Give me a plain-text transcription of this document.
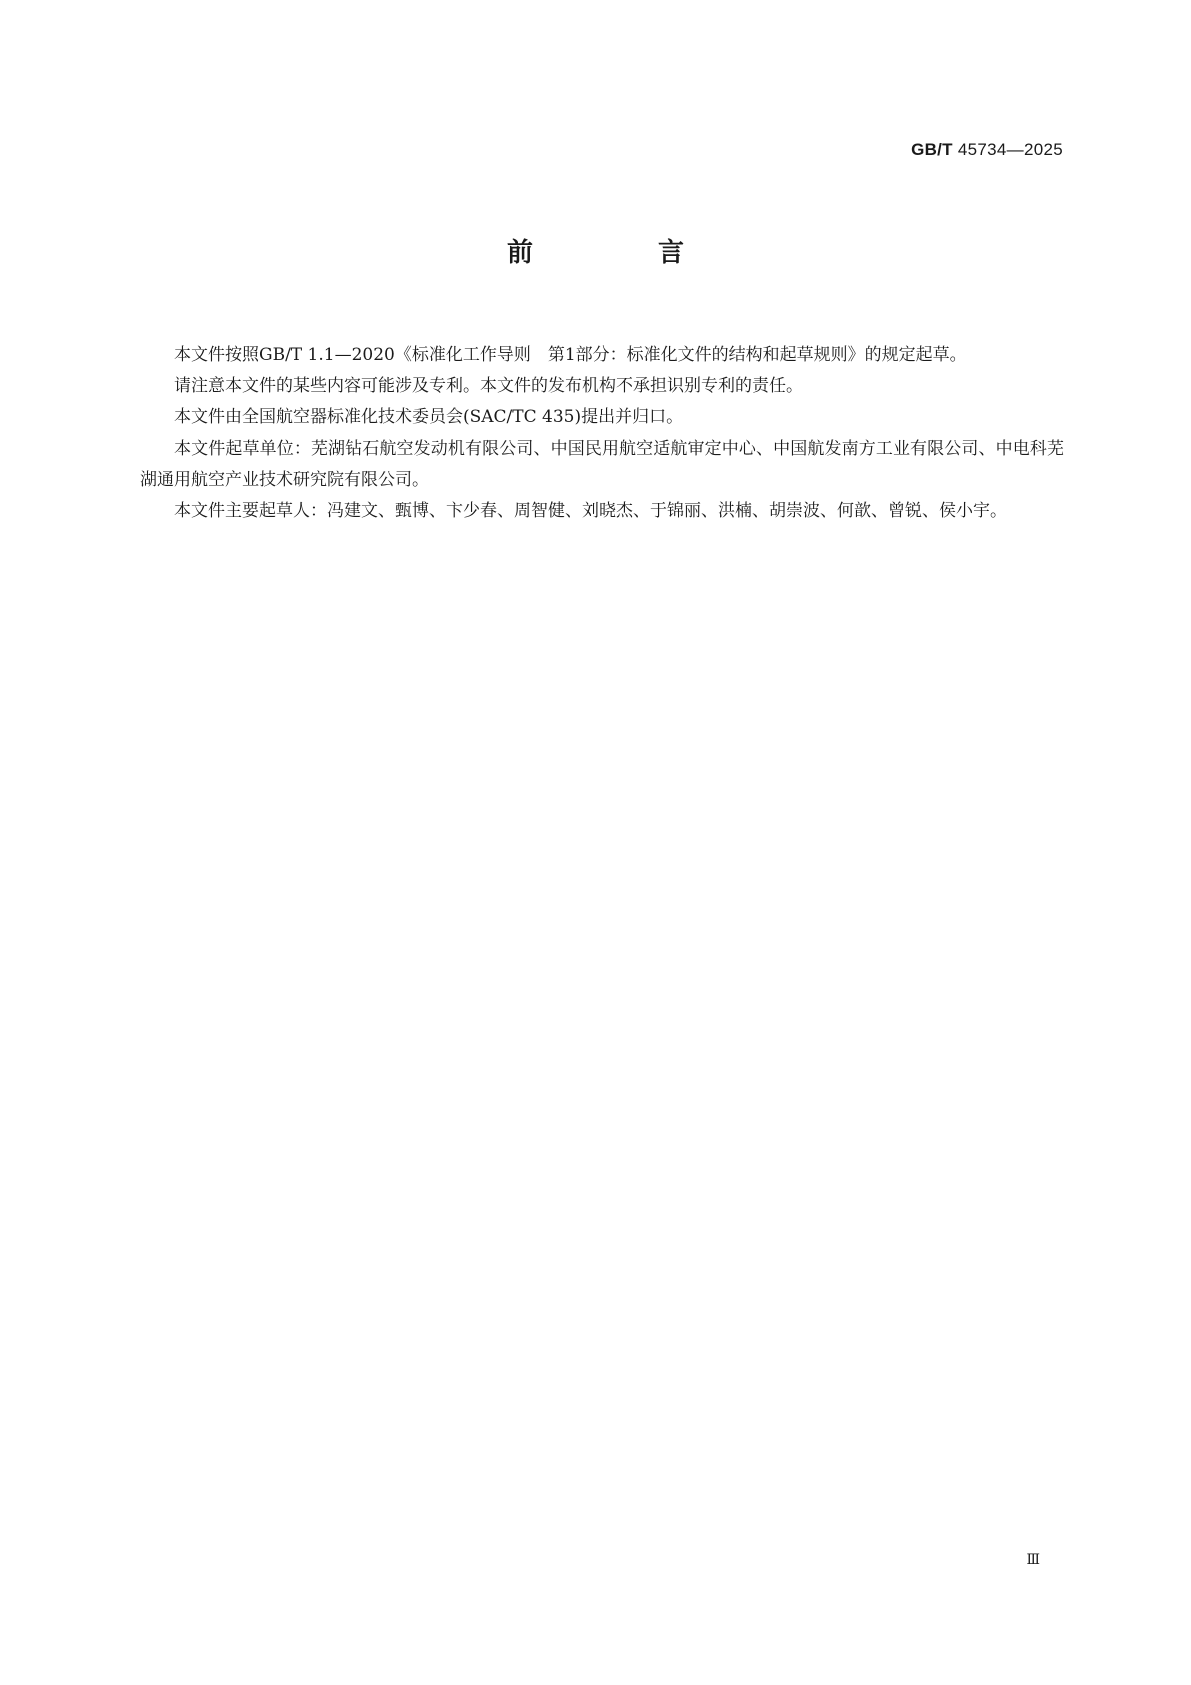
GB/T 45734—2025
前 言

本文件按照GB/T 1.1—2020《标准化工作导则　第1部分：标准化文件的结构和起草规则》的规定起草。

请注意本文件的某些内容可能涉及专利。本文件的发布机构不承担识别专利的责任。

本文件由全国航空器标准化技术委员会(SAC/TC 435)提出并归口。

本文件起草单位：芜湖钻石航空发动机有限公司、中国民用航空适航审定中心、中国航发南方工业有限公司、中电科芜湖通用航空产业技术研究院有限公司。

本文件主要起草人：冯建文、甄博、卞少春、周智健、刘晓杰、于锦丽、洪楠、胡崇波、何歆、曾锐、侯小宇。

Ⅲ
